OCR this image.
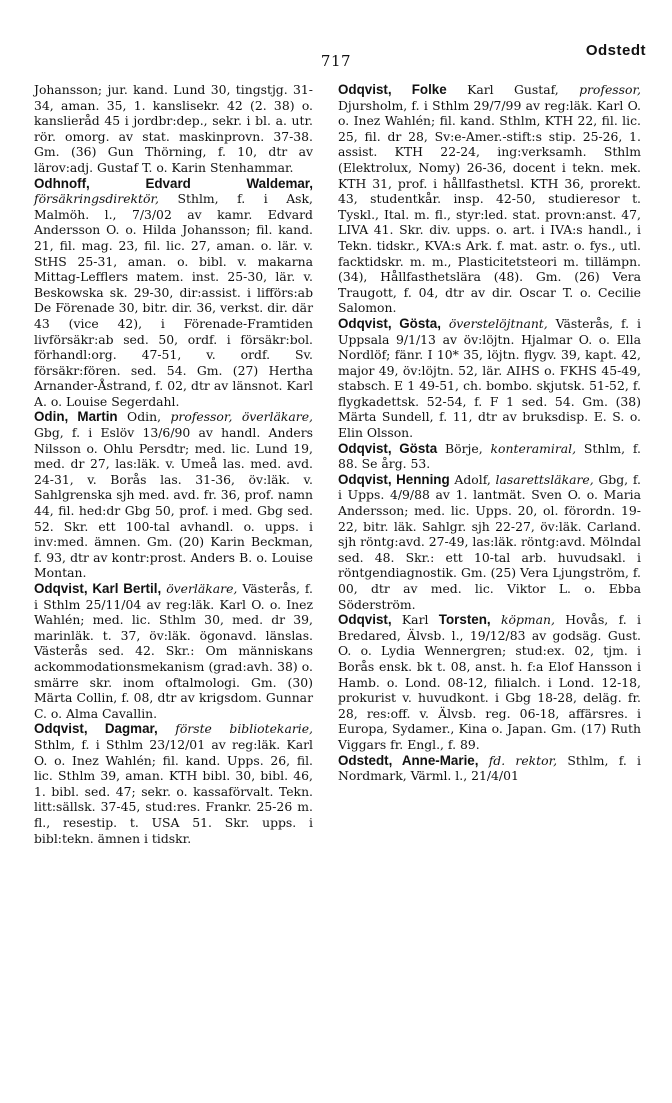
717
Odstedt

Johansson; jur. kand. Lund 30, tingstjg. 31-34, aman. 35, 1. kanslisekr. 42 (2. 38) o. kanslieråd 45 i jordbr:dep., sekr. i bl. a. utr. rör. omorg. av stat. maskinprovn. 37-38. Gm. (36) Gun Thörning, f. 10, dtr av lärov:adj. Gustaf T. o. Karin Stenhammar.

Odhnoff, Edvard Waldemar, försäkringsdirektör, Sthlm, f. i Ask, Malmöh. l., 7/3/02 av kamr. Edvard Andersson O. o. Hilda Johansson; fil. kand. 21, fil. mag. 23, fil. lic. 27, aman. o. lär. v. StHS 25-31, aman. o. bibl. v. makarna Mittag-Lefflers matem. inst. 25-30, lär. v. Beskowska sk. 29-30, dir:assist. i lifförs:ab De Förenade 30, bitr. dir. 36, verkst. dir. där 43 (vice 42), i Förenade-Framtiden livförsäkr:ab sed. 50, ordf. i försäkr:bol. förhandl:org. 47-51, v. ordf. Sv. försäkr:fören. sed. 54. Gm. (27) Hertha Arnander-Åstrand, f. 02, dtr av länsnot. Karl A. o. Louise Segerdahl.

Odin, Martin Odin, professor, överläkare, Gbg, f. i Eslöv 13/6/90 av handl. Anders Nilsson o. Ohlu Persdtr; med. lic. Lund 19, med. dr 27, las:läk. v. Umeå las. med. avd. 24-31, v. Borås las. 31-36, öv:läk. v. Sahlgrenska sjh med. avd. fr. 36, prof. namn 44, fil. hed:dr Gbg 50, prof. i med. Gbg sed. 52. Skr. ett 100-tal avhandl. o. upps. i inv:med. ämnen. Gm. (20) Karin Beckman, f. 93, dtr av kontr:prost. Anders B. o. Louise Montan.

Odqvist, Karl Bertil, överläkare, Västerås, f. i Sthlm 25/11/04 av reg:läk. Karl O. o. Inez Wahlén; med. lic. Sthlm 30, med. dr 39, marinläk. t. 37, öv:läk. ögonavd. länslas. Västerås sed. 42. Skr.: Om människans ackommodationsmekanism (grad:avh. 38) o. smärre skr. inom oftalmologi. Gm. (30) Märta Collin, f. 08, dtr av krigsdom. Gunnar C. o. Alma Cavallin.

Odqvist, Dagmar, förste bibliotekarie, Sthlm, f. i Sthlm 23/12/01 av reg:läk. Karl O. o. Inez Wahlén; fil. kand. Upps. 26, fil. lic. Sthlm 39, aman. KTH bibl. 30, bibl. 46, 1. bibl. sed. 47; sekr. o. kassaförvalt. Tekn. litt:sällsk. 37-45, stud:res. Frankr. 25-26 m. fl., resestip. t. USA 51. Skr. upps. i bibl:tekn. ämnen i tidskr.

Odqvist, Folke Karl Gustaf, professor, Djursholm, f. i Sthlm 29/7/99 av reg:läk. Karl O. o. Inez Wahlén; fil. kand. Sthlm, KTH 22, fil. lic. 25, fil. dr 28, Sv:e-Amer.-stift:s stip. 25-26, 1. assist. KTH 22-24, ing:verksamh. Sthlm (Elektrolux, Nomy) 26-36, docent i tekn. mek. KTH 31, prof. i hållfasthetsl. KTH 36, prorekt. 43, studentkår. insp. 42-50, studieresor t. Tyskl., Ital. m. fl., styr:led. stat. provn:anst. 47, LIVA 41. Skr. div. upps. o. art. i IVA:s handl., i Tekn. tidskr., KVA:s Ark. f. mat. astr. o. fys., utl. facktidskr. m. m., Plasticitetsteori m. tillämpn. (34), Hållfasthetslära (48). Gm. (26) Vera Traugott, f. 04, dtr av dir. Oscar T. o. Cecilie Salomon.

Odqvist, Gösta, överstelöjtnant, Västerås, f. i Uppsala 9/1/13 av öv:löjtn. Hjalmar O. o. Ella Nordlöf; fänr. I 10* 35, löjtn. flygv. 39, kapt. 42, major 49, öv:löjtn. 52, lär. AIHS o. FKHS 45-49, stabsch. E 1 49-51, ch. bombo. skjutsk. 51-52, f. flygkadettsk. 52-54, f. F 1 sed. 54. Gm. (38) Märta Sundell, f. 11, dtr av bruksdisp. E. S. o. Elin Olsson.

Odqvist, Gösta Börje, konteramiral, Sthlm, f. 88. Se årg. 53.

Odqvist, Henning Adolf, lasarettsläkare, Gbg, f. i Upps. 4/9/88 av 1. lantmät. Sven O. o. Maria Andersson; med. lic. Upps. 20, ol. förordn. 19-22, bitr. läk. Sahlgr. sjh 22-27, öv:läk. Carland. sjh röntg:avd. 27-49, las:läk. röntg:avd. Mölndal sed. 48. Skr.: ett 10-tal arb. huvudsakl. i röntgendiagnostik. Gm. (25) Vera Ljungström, f. 00, dtr av med. lic. Viktor L. o. Ebba Söderström.

Odqvist, Karl Torsten, köpman, Hovås, f. i Bredared, Älvsb. l., 19/12/83 av godsäg. Gust. O. o. Lydia Wennergren; stud:ex. 02, tjm. i Borås ensk. bk t. 08, anst. h. f:a Elof Hansson i Hamb. o. Lond. 08-12, filialch. i Lond. 12-18, prokurist v. huvudkont. i Gbg 18-28, deläg. fr. 28, res:off. v. Älvsb. reg. 06-18, affärsres. i Europa, Sydamer., Kina o. Japan. Gm. (17) Ruth Viggars fr. Engl., f. 89.

Odstedt, Anne-Marie, fd. rektor, Sthlm, f. i Nordmark, Värml. l., 21/4/01
